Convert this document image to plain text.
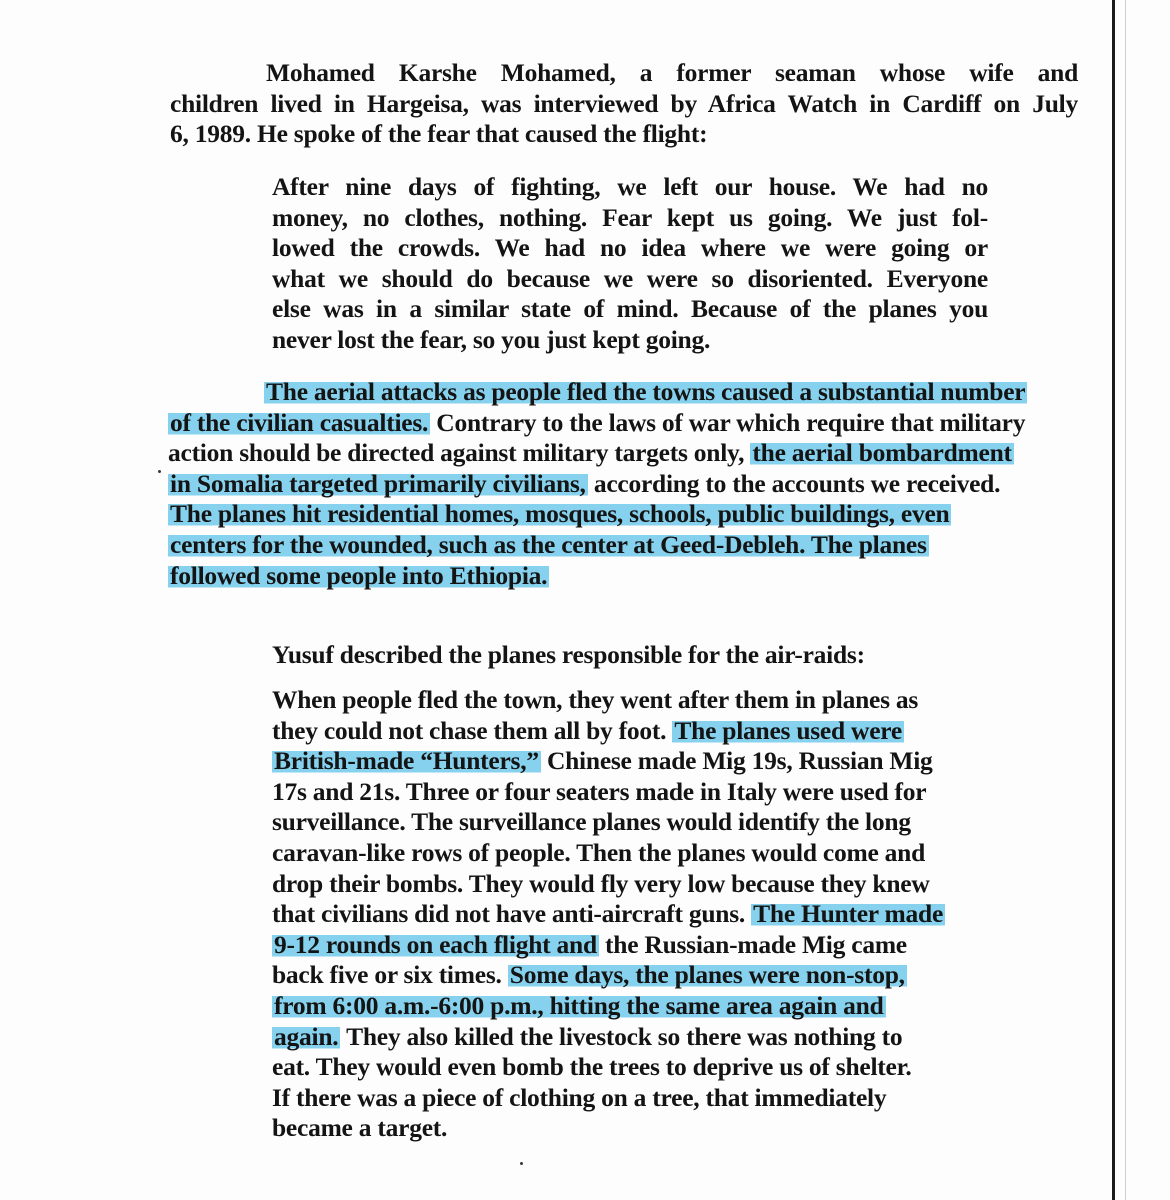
Mohamed Karshe Mohamed, a former seaman whose wife and
children lived in Hargeisa, was interviewed by Africa Watch in Cardiff on July
6, 1989. He spoke of the fear that caused the flight:
After nine days of fighting, we left our house. We had no
money, no clothes, nothing. Fear kept us going. We just fol-
lowed the crowds. We had no idea where we were going or
what we should do because we were so disoriented. Everyone
else was in a similar state of mind. Because of the planes you
never lost the fear, so you just kept going.
The aerial attacks as people fled the towns caused a substantial number
of the civilian casualties. Contrary to the laws of war which require that military
action should be directed against military targets only, the aerial bombardment
in Somalia targeted primarily civilians, according to the accounts we received.
The planes hit residential homes, mosques, schools, public buildings, even
centers for the wounded, such as the center at Geed-Debleh. The planes
followed some people into Ethiopia.
Yusuf described the planes responsible for the air-raids:
When people fled the town, they went after them in planes as
they could not chase them all by foot. The planes used were
British-made “Hunters,” Chinese made Mig 19s, Russian Mig
17s and 21s. Three or four seaters made in Italy were used for
surveillance. The surveillance planes would identify the long
caravan-like rows of people. Then the planes would come and
drop their bombs. They would fly very low because they knew
that civilians did not have anti-aircraft guns. The Hunter made
9-12 rounds on each flight and the Russian-made Mig came
back five or six times. Some days, the planes were non-stop,
from 6:00 a.m.-6:00 p.m., hitting the same area again and
again. They also killed the livestock so there was nothing to
eat. They would even bomb the trees to deprive us of shelter.
If there was a piece of clothing on a tree, that immediately
became a target.
